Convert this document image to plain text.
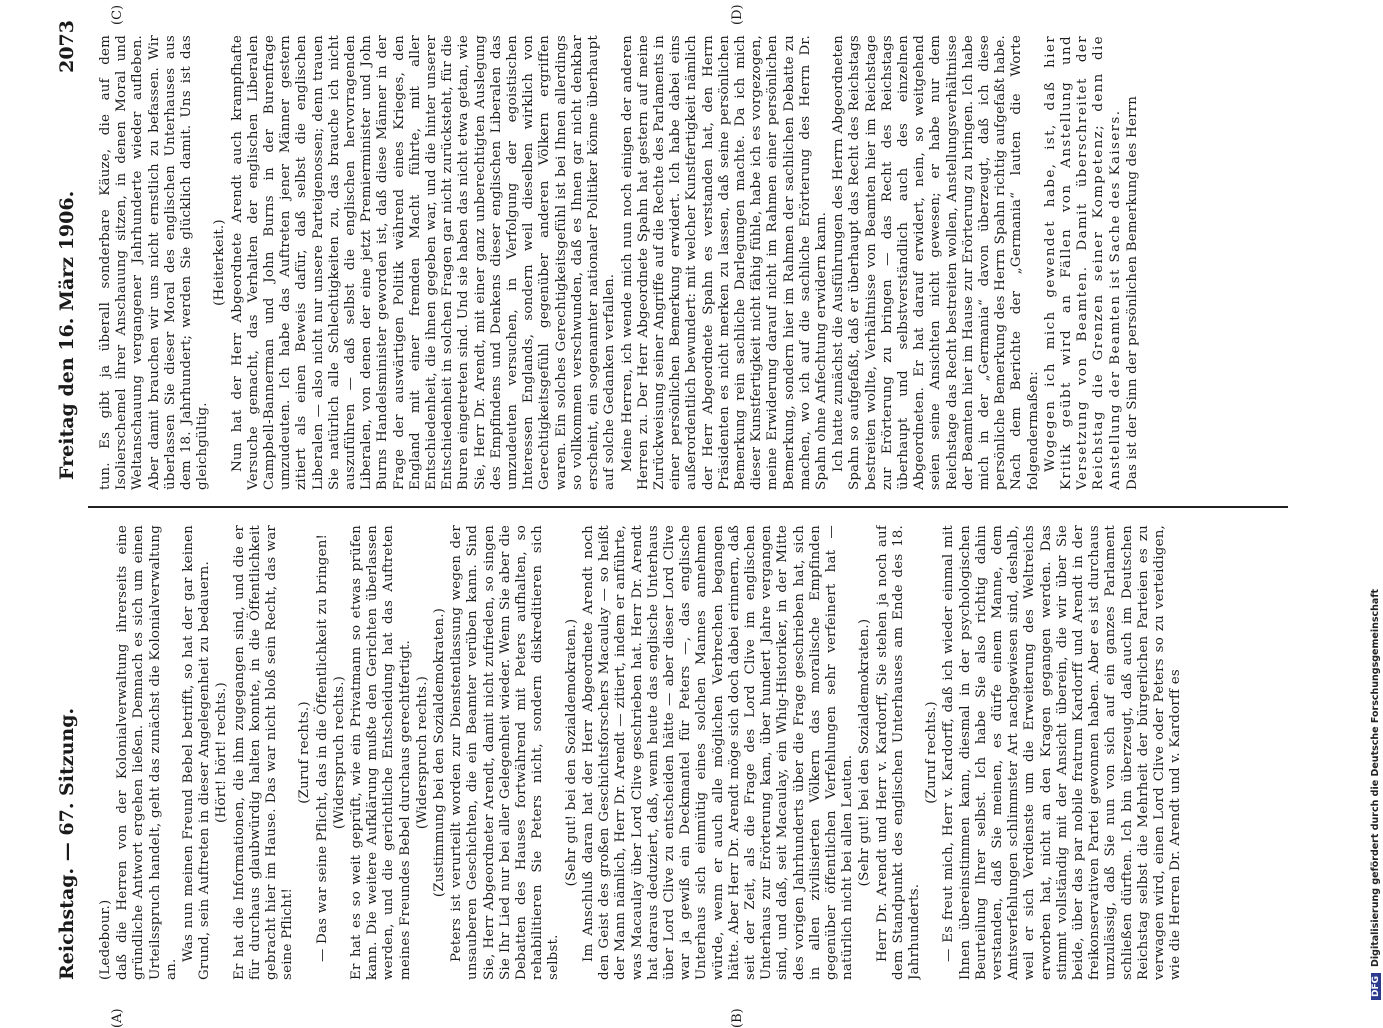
Reichstag. — 67. Sitzung.
Freitag den 16. März 1906.
2073

(Ledebour.) daß die Herren von der Kolonialverwaltung ihrerseits eine gründliche Antwort ergehen ließen. Demnach es sich um einen Urteilsspruch handelt, geht das zunächst die Kolonialverwaltung an.

Was nun meinen Freund Bebel betrifft, so hat der gar keinen Grund, sein Auftreten in dieser Angelegenheit zu bedauern. (Hört! hört! rechts.) Er hat die Informationen, die ihm zugegangen sind, und die er für durchaus glaubwürdig halten konnte, in die Öffentlichkeit gebracht hier im Hause. Das war nicht bloß sein Recht, das war seine Pflicht!

(Zuruf rechts.) — Das war seine Pflicht, das in die Öffentlichkeit zu bringen! (Widerspruch rechts.) Er hat es so weit geprüft, wie ein Privatmann so etwas prüfen kann. Die weitere Aufklärung mußte den Gerichten überlassen werden, und die gerichtliche Entscheidung hat das Auftreten meines Freundes Bebel durchaus gerechtfertigt. (Widerspruch rechts.) (Zustimmung bei den Sozialdemokraten.) Peters ist verurteilt worden zur Dienstentlassung wegen der unsauberen Geschichten, die ein Beamter verüben kann. Sind Sie, Herr Abgeordneter Arendt, damit nicht zufrieden, so singen Sie Ihr Lied nur bei aller Gelegenheit wieder. Wenn Sie aber die Debatten des Hauses fortwährend mit Peters aufhalten, so rehabilitieren Sie Peters nicht, sondern diskreditieren sich selbst.

(Sehr gut! bei den Sozialdemokraten.) Im Anschluß daran hat der Herr Abgeordnete Arendt noch den Geist des großen Geschichtsforschers Macaulay — so heißt der Mann nämlich, Herr Dr. Arendt — zitiert, indem er anführte, was Macaulay über Lord Clive geschrieben hat. Herr Dr. Arendt hat daraus deduziert, daß, wenn heute das englische Unterhaus über Lord Clive zu entscheiden hätte — aber dieser Lord Clive war ja gewiß ein Deckmantel für Peters —, das englische Unterhaus sich einmütig eines solchen Mannes annehmen würde, wenn er auch alle möglichen Verbrechen begangen hätte. Aber Herr Dr. Arendt möge sich doch dabei erinnern, daß seit der Zeit, als die Frage des Lord Clive im englischen Unterhaus zur Erörterung kam, über hundert Jahre vergangen sind, und daß, seit Macaulay, ein Whig-Historiker, in der Mitte des vorigen Jahrhunderts über die Frage geschrieben hat, sich in allen zivilisierten Völkern das moralische Empfinden gegenüber öffentlichen Verfehlungen sehr verfeinert hat — natürlich nicht bei allen Leuten. (Sehr gut! bei den Sozialdemokraten.) Herr Dr. Arendt und Herr v. Kardorff, Sie stehen ja noch auf dem Standpunkt des englischen Unterhauses am Ende des 18. Jahrhunderts.

(Zuruf rechts.) — Es freut mich, Herr v. Kardorff, daß ich wieder einmal mit Ihnen übereinstimmen kann, diesmal in der psychologischen Beurteilung Ihrer selbst. Ich habe Sie also richtig dahin verstanden, daß Sie meinen, es dürfe einem Manne, dem Amtsverfehlungen schlimmster Art nachgewiesen sind, deshalb, weil er sich Verdienste um die Erweiterung des Weltreichs erworben hat, nicht an den Kragen gegangen werden. Das stimmt vollständig mit der Ansicht überein, die wir über Sie beide, über das par nobile fratrum Kardorff und Arendt in der freikonservativen Partei gewonnen haben. Aber es ist durchaus unzulässig, daß Sie nun von sich auf ein ganzes Parlament schließen dürften. Ich bin überzeugt, daß auch im Deutschen Reichstag selbst die Mehrheit der bürgerlichen Parteien es zu verwagen wird, einen Lord Clive oder Peters so zu verteidigen, wie die Herren Dr. Arendt und v. Kardorff es

tun. Es gibt ja überall sonderbare Käuze, die auf dem Isolierschemel ihrer Anschauung sitzen, in denen Moral und Weltanschauung vergangener Jahrhunderte wieder aufleben. Aber damit brauchen wir uns nicht ernstlich zu befassen. Wir überlassen Sie dieser Moral des englischen Unterhauses aus dem 18. Jahrhundert; werden Sie glücklich damit. Uns ist das gleichgültig.

(Heiterkeit.) Nun hat der Herr Abgeordnete Arendt auch krampfhafte Versuche gemacht, das Verhalten der englischen Liberalen Campbell-Bannerman und John Burns in der Burenfrage umzudeuten. Ich habe das Auftreten jener Männer gestern zitiert als einen Beweis dafür, daß selbst die englischen Liberalen — also nicht nur unsere Parteigenossen; denn trauen Sie natürlich alle Schlechtigkeiten zu, das brauche ich nicht auszuführen — daß selbst die englischen hervorragenden Liberalen, von denen der eine jetzt Premierminister und John Burns Handelsminister geworden ist, daß diese Männer in der Frage der auswärtigen Politik während eines Krieges, den England mit einer fremden Macht führte, mit aller Entschiedenheit, die ihnen gegeben war, und die hinter unserer Entschiedenheit in solchen Fragen gar nicht zurücksteht, für die Buren eingetreten sind. Und sie haben das nicht etwa getan, wie Sie, Herr Dr. Arendt, mit einer ganz unberechtigten Auslegung des Empfindens und Denkens dieser englischen Liberalen das umzudeuten versuchen, in Verfolgung der egoistischen Interessen Englands, sondern weil dieselben wirklich von Gerechtigkeitsgefühl gegenüber anderen Völkern ergriffen waren. Ein solches Gerechtigkeitsgefühl ist bei Ihnen allerdings so vollkommen verschwunden, daß es Ihnen gar nicht denkbar erscheint, ein sogenannter nationaler Politiker könne überhaupt auf solche Gedanken verfallen. Meine Herren, ich wende mich nun noch einigen der anderen Herren zu. Der Herr Abgeordnete Spahn hat gestern auf meine Zurückweisung seiner Angriffe auf die Rechte des Parlaments in einer persönlichen Bemerkung erwidert. Ich habe dabei eins außerordentlich bewundert: mit welcher Kunstfertigkeit nämlich der Herr Abgeordnete Spahn es verstanden hat, den Herrn Präsidenten es nicht merken zu lassen, daß seine persönlichen Bemerkung rein sachliche Darlegungen machte. Da ich mich dieser Kunstfertigkeit nicht fähig fühle, habe ich es vorgezogen, meine Erwiderung darauf nicht im Rahmen einer persönlichen Bemerkung, sondern hier im Rahmen der sachlichen Debatte zu machen, wo ich auf die sachliche Erörterung des Herrn Dr. Spahn ohne Anfechtung erwidern kann. Ich hatte zunächst die Ausführungen des Herrn Abgeordneten Spahn so aufgefaßt, daß er überhaupt das Recht des Reichstags bestreiten wollte, Verhältnisse von Beamten hier im Reichstage zur Erörterung zu bringen — das Recht des Reichstags überhaupt und selbstverständlich auch des einzelnen Abgeordneten. Er hat darauf erwidert, nein, so weitgehend seien seine Ansichten nicht gewesen; er habe nur dem Reichstage das Recht bestreiten wollen, Anstellungsverhältnisse der Beamten hier im Hause zur Erörterung zu bringen. Ich habe mich in der „Germania“ davon überzeugt, daß ich diese persönliche Bemerkung des Herrn Spahn richtig aufgefaßt habe. Nach dem Berichte der „Germania“ lauten die Worte folgendermaßen: Wogegen ich mich gewendet habe, ist, daß hier Kritik geübt wird an Fällen von Anstellung und Versetzung von Beamten. Damit überschreitet der Reichstag die Grenzen seiner Kompetenz; denn die Anstellung der Beamten ist Sache des Kaisers. Das ist der Sinn der persönlichen Bemerkung des Herrn

(A)	(B)
(C)	(D)
DFGDigitalisierung gefördert durch die Deutsche Forschungsgemeinschaft
